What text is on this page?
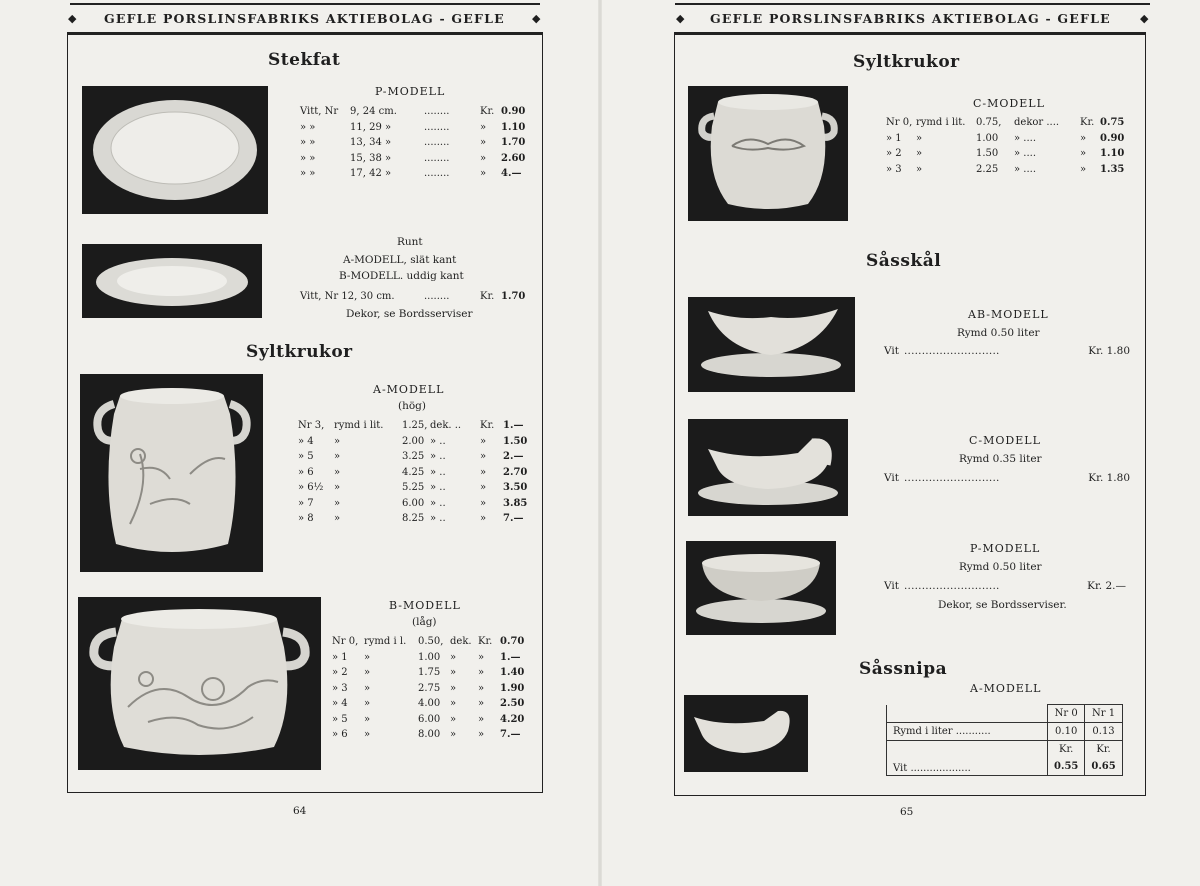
◆ GEFLE PORSLINSFABRIKS AKTIEBOLAG - GEFLE ◆
Stekfat
P-MODELL
Vitt, Nr 9, 24 cm.	........	Kr. 0.90
» »	11, 29 »	........	» 1.10
» »	13, 34 »	........	» 1.70
» »	15, 38 »	........	» 2.60
» »	17, 42 »	........	» 4.—
Runt
A-MODELL, slät kant
B-MODELL. uddig kant
Vitt, Nr 12, 30 cm.	........	Kr. 1.70
Dekor, se Bordsserviser
Syltkrukor
A-MODELL
(hög)
Nr 3, rymd i lit. 1.25, dek. .. Kr. 1.—
» 4 »	2.00 » ..	» 1.50
» 5 »	3.25 » ..	» 2.—
» 6 »	4.25 » ..	» 2.70
» 6½ »	5.25 » ..	» 3.50
» 7 »	6.00 » ..	» 3.85
» 8 »	8.25 » ..	» 7.—
B-MODELL
(låg)
Nr 0, rymd i l. 0.50, dek. Kr. 0.70
» 1 »	1.00 » » 1.—
» 2 »	1.75 » » 1.40
» 3 »	2.75 » » 1.90
» 4 »	4.00 » » 2.50
» 5 »	6.00 » » 4.20
» 6 »	8.00 » » 7.—
64
◆ GEFLE PORSLINSFABRIKS AKTIEBOLAG - GEFLE	◆
Syltkrukor
C-MODELL
Nr 0, rymd i lit. 0.75, dekor .... Kr. 0.75
» 1 »	1.00 » ....	» 0.90
» 2 »	1.50 » ....	» 1.10
» 3 »	2.25 » ....	» 1.35
Såsskål
AB-MODELL
Rymd 0.50 liter
Vit ...........................	Kr. 1.80
C-MODELL
Rymd 0.35 liter
Vit ...........................	Kr. 1.80
P-MODELL
Rymd 0.50 liter
Vit ...........................	Kr. 2.—
Dekor, se Bordsserviser.
Såssnipa
A-MODELL
	Nr 0	Nr 1
Rymd i liter ...........	0.10	0.13
Vit ...................	Kr.	Kr.
	0.55	0.65
65
